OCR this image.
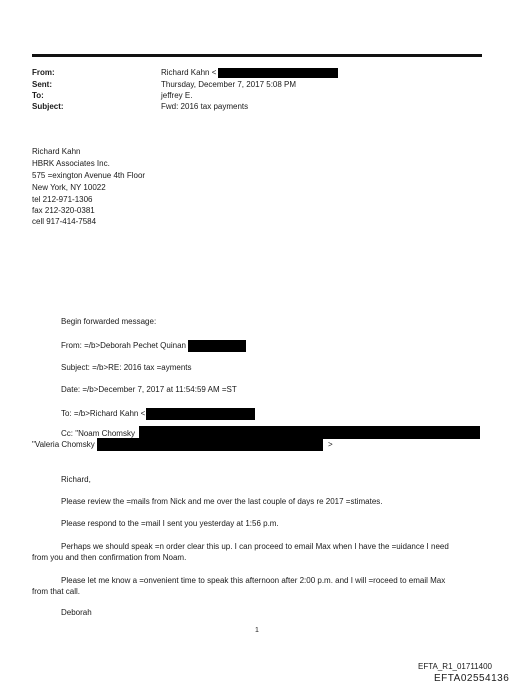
From:	Richard Kahn <
Sent:	Thursday, December 7, 2017 5:08 PM
To:	jeffrey E.
Subject:	Fwd: 2016 tax payments
Richard Kahn
HBRK Associates Inc.
575 =exington Avenue 4th Floor
New York, NY 10022
tel 212-971-1306
fax 212-320-0381
cell 917-414-7584
Begin forwarded message:
From: =/b>Deborah Pechet Quinan
Subject: =/b>RE: 2016 tax =ayments
Date: =/b>December 7, 2017 at 11:54:59 AM =ST
To: =/b>Richard Kahn <
Cc: "Noam Chomsky
"Valeria Chomsky	>
Richard,
Please review the =mails from Nick and me over the last couple of days re 2017 =stimates.
Please respond to the =mail I sent you yesterday at 1:56 p.m.
Perhaps we should speak =n order clear this up. I can proceed to email Max when I have the =uidance I need
from you and then confirmation from Noam.
Please let me know a =onvenient time to speak this afternoon after 2:00 p.m. and I will =roceed to email Max
from that call.
Deborah
1
EFTA_R1_01711400
EFTA02554136
